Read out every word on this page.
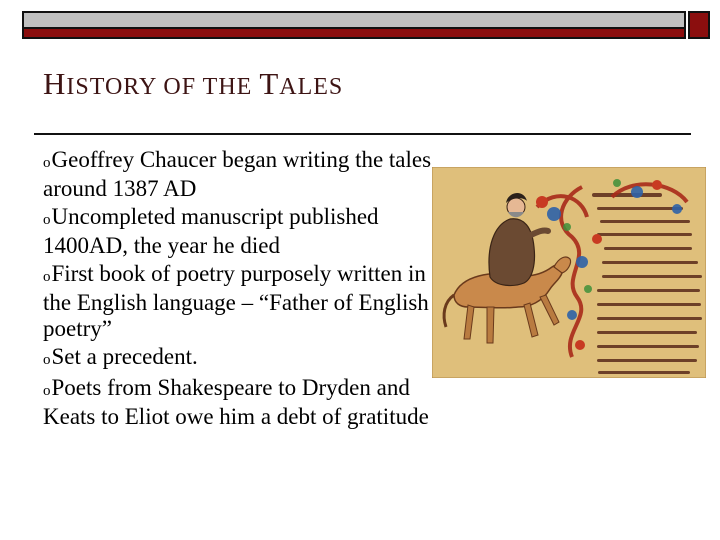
HISTORY OF THE TALES
oGeoffrey Chaucer began writing the tales around 1387 AD
oUncompleted manuscript published 1400AD, the year he died
oFirst book of poetry purposely written in the English language – “Father of English poetry”
oSet a precedent.
oPoets from Shakespeare to Dryden and Keats to Eliot owe him a debt of gratitude
